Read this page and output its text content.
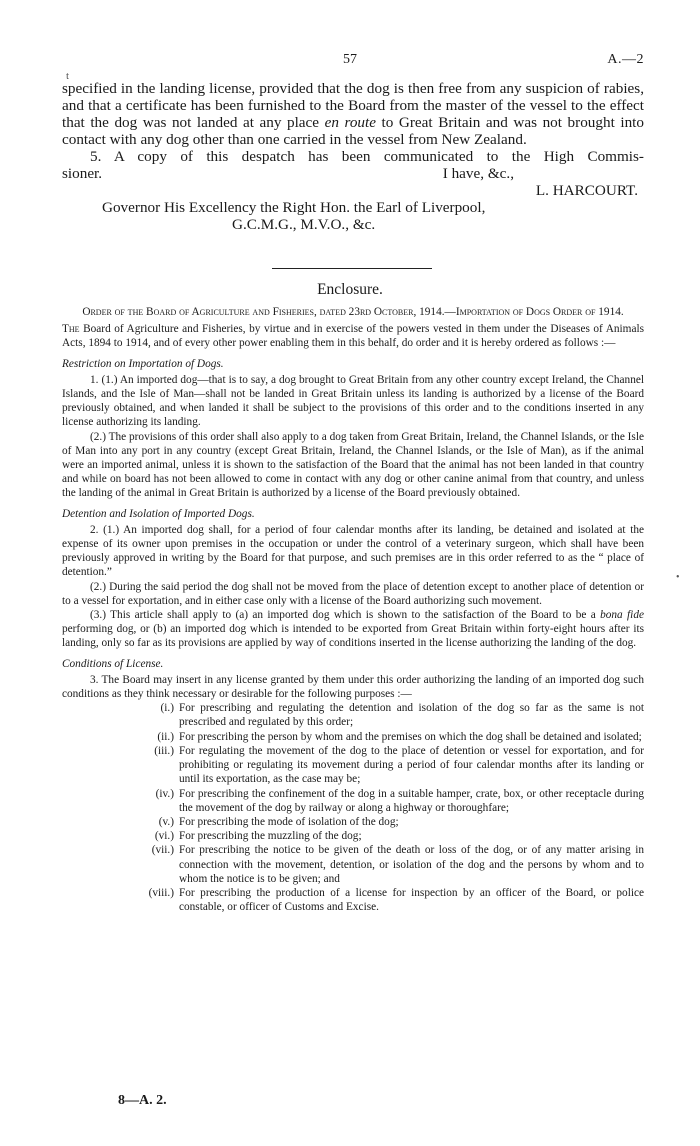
57	A.—2
t

specified in the landing license, provided that the dog is then free from any suspicion of rabies, and that a certificate has been furnished to the Board from the master of the vessel to the effect that the dog was not landed at any place en route to Great Britain and was not brought into contact with any dog other than one carried in the vessel from New Zealand.

5. A copy of this despatch has been communicated to the High Commis-

sioner.	I have, &c.,
L. HARCOURT.
Governor His Excellency the Right Hon. the Earl of Liverpool,
G.C.M.G., M.V.O., &c.
Enclosure.

Order of the Board of Agriculture and Fisheries, dated 23rd October, 1914.—Importation of Dogs Order of 1914.

The Board of Agriculture and Fisheries, by virtue and in exercise of the powers vested in them under the Diseases of Animals Acts, 1894 to 1914, and of every other power enabling them in this behalf, do order and it is hereby ordered as follows :—

Restriction on Importation of Dogs.

1. (1.) An imported dog—that is to say, a dog brought to Great Britain from any other country except Ireland, the Channel Islands, and the Isle of Man—shall not be landed in Great Britain unless its landing is authorized by a license of the Board previously obtained, and when landed it shall be subject to the provisions of this order and to the conditions inserted in any license authorizing its landing.

(2.) The provisions of this order shall also apply to a dog taken from Great Britain, Ireland, the Channel Islands, or the Isle of Man into any port in any country (except Great Britain, Ireland, the Channel Islands, or the Isle of Man), as if the animal were an imported animal, unless it is shown to the satisfaction of the Board that the animal has not been landed in that country and while on board has not been allowed to come in contact with any dog or other canine animal from that country, and unless the landing of the animal in Great Britain is authorized by a license of the Board previously obtained.

Detention and Isolation of Imported Dogs.

2. (1.) An imported dog shall, for a period of four calendar months after its landing, be detained and isolated at the expense of its owner upon premises in the occupation or under the control of a veterinary surgeon, which shall have been previously approved in writing by the Board for that purpose, and such premises are in this order referred to as the “ place of detention.”

(2.) During the said period the dog shall not be moved from the place of detention except to another place of detention or to a vessel for exportation, and in either case only with a license of the Board authorizing such movement.

(3.) This article shall apply to (a) an imported dog which is shown to the satisfaction of the Board to be a bona fide performing dog, or (b) an imported dog which is intended to be exported from Great Britain within forty-eight hours after its landing, only so far as its provisions are applied by way of conditions inserted in the license authorizing the landing of the dog.

Conditions of License.

3. The Board may insert in any license granted by them under this order authorizing the landing of an imported dog such conditions as they think necessary or desirable for the following purposes :—

(i.) For prescribing and regulating the detention and isolation of the dog so far as the same is not prescribed and regulated by this order;
(ii.) For prescribing the person by whom and the premises on which the dog shall be detained and isolated;
(iii.) For regulating the movement of the dog to the place of detention or vessel for exportation, and for prohibiting or regulating its movement during a period of four calendar months after its landing or until its exportation, as the case may be;
(iv.) For prescribing the confinement of the dog in a suitable hamper, crate, box, or other receptacle during the movement of the dog by railway or along a highway or thoroughfare;
(v.) For prescribing the mode of isolation of the dog;
(vi.) For prescribing the muzzling of the dog;
(vii.) For prescribing the notice to be given of the death or loss of the dog, or of any matter arising in connection with the movement, detention, or isolation of the dog and the persons by whom and to whom the notice is to be given; and
(viii.) For prescribing the production of a license for inspection by an officer of the Board, or police constable, or officer of Customs and Excise.
•
8—A. 2.
